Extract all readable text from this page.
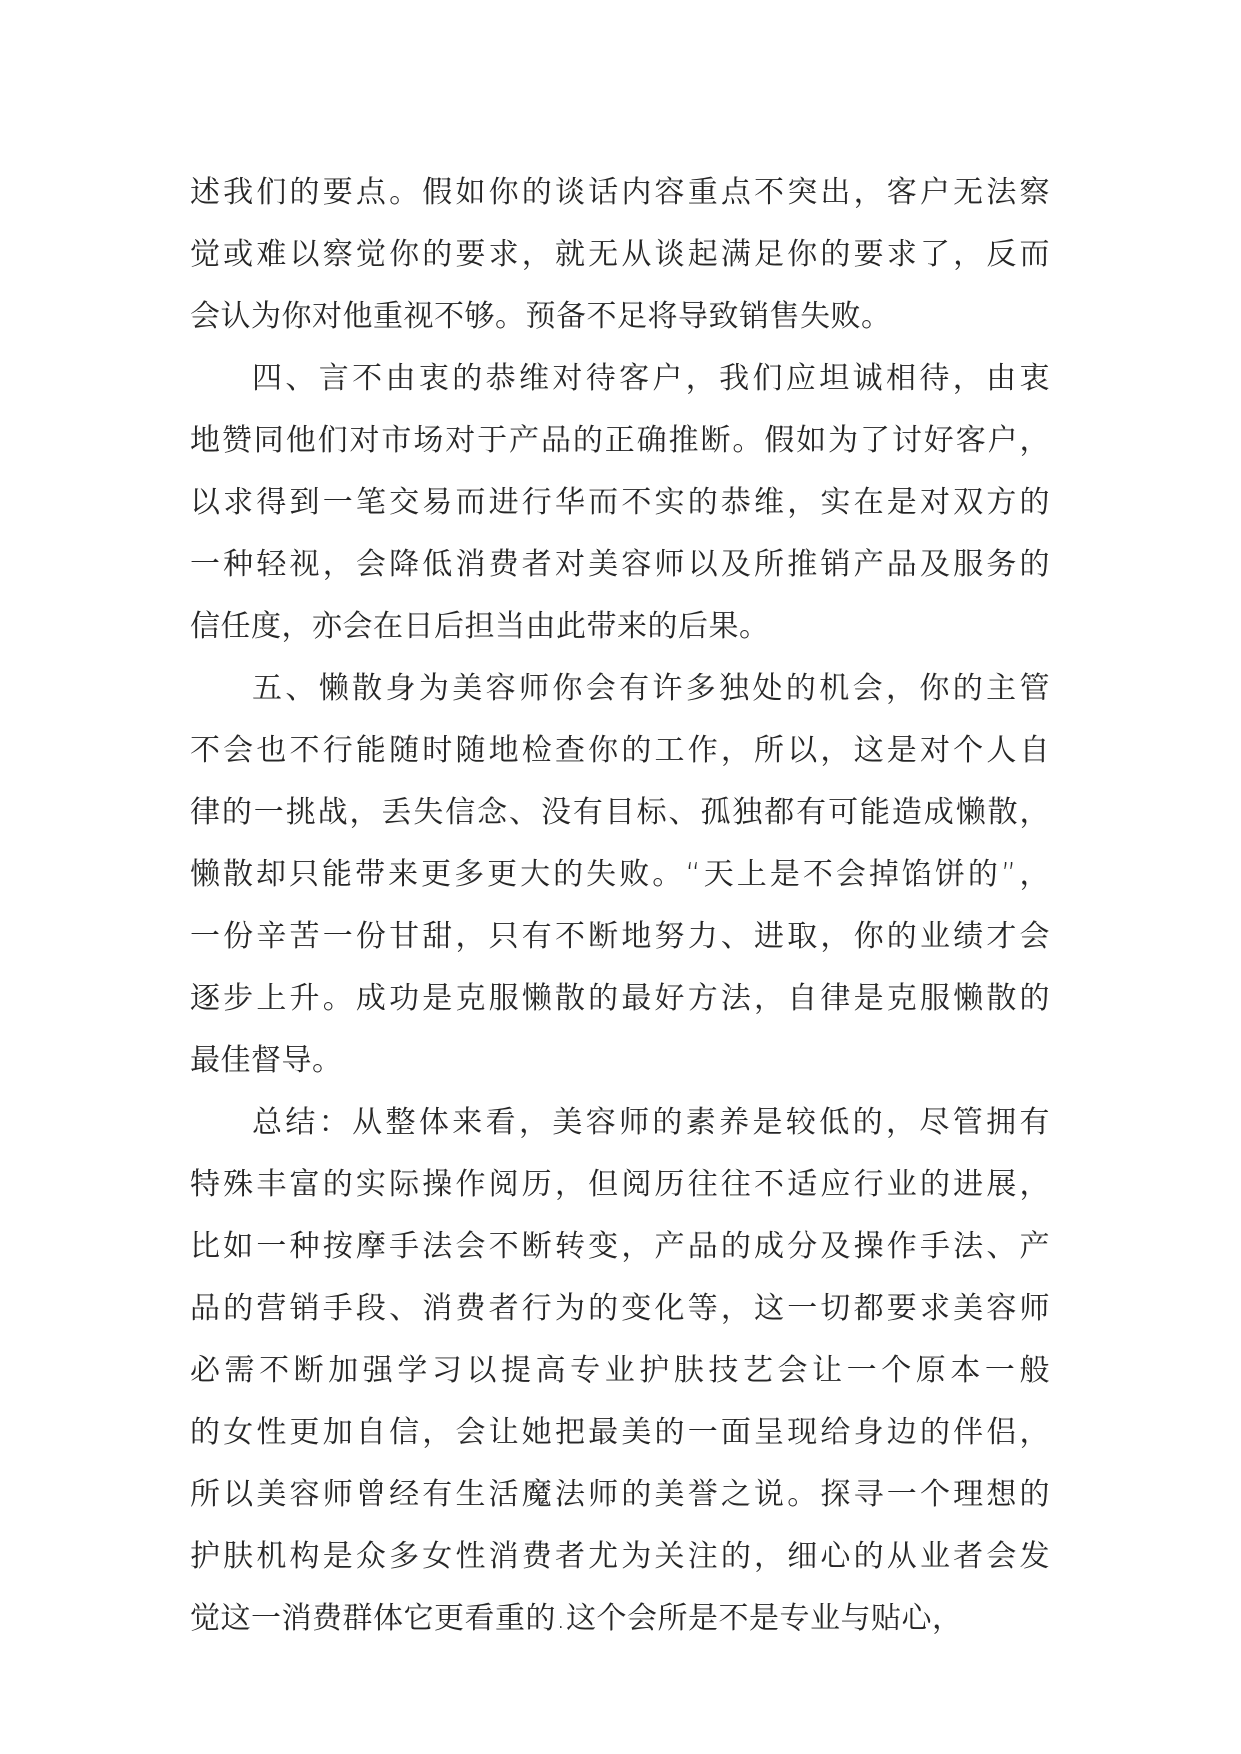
述我们的要点。假如你的谈话内容重点不突出，客户无法察
觉或难以察觉你的要求，就无从谈起满足你的要求了，反而
会认为你对他重视不够。预备不足将导致销售失败。
四、言不由衷的恭维对待客户，我们应坦诚相待，由衷
地赞同他们对市场对于产品的正确推断。假如为了讨好客户，
以求得到一笔交易而进行华而不实的恭维，实在是对双方的
一种轻视，会降低消费者对美容师以及所推销产品及服务的
信任度，亦会在日后担当由此带来的后果。
五、懒散身为美容师你会有许多独处的机会，你的主管
不会也不行能随时随地检查你的工作，所以，这是对个人自
律的一挑战，丢失信念、没有目标、孤独都有可能造成懒散，
懒散却只能带来更多更大的失败。“天上是不会掉馅饼的”，
一份辛苦一份甘甜，只有不断地努力、进取，你的业绩才会
逐步上升。成功是克服懒散的最好方法，自律是克服懒散的
最佳督导。
总结：从整体来看，美容师的素养是较低的，尽管拥有
特殊丰富的实际操作阅历，但阅历往往不适应行业的进展，
比如一种按摩手法会不断转变，产品的成分及操作手法、产
品的营销手段、消费者行为的变化等，这一切都要求美容师
必需不断加强学习以提高专业护肤技艺会让一个原本一般
的女性更加自信，会让她把最美的一面呈现给身边的伴侣，
所以美容师曾经有生活魔法师的美誉之说。探寻一个理想的
护肤机构是众多女性消费者尤为关注的，细心的从业者会发
觉这一消费群体它更看重的.这个会所是不是专业与贴心，
